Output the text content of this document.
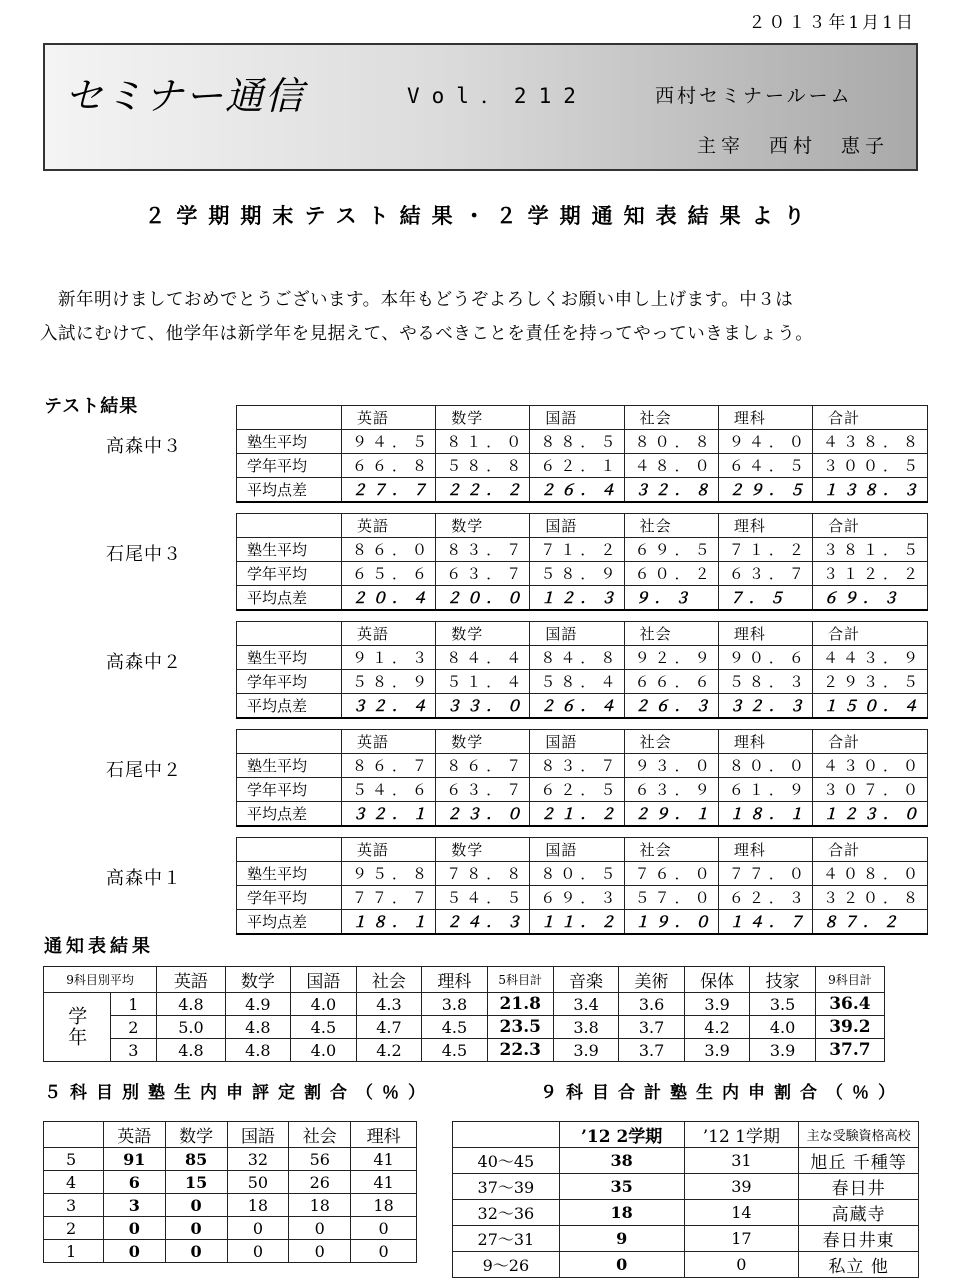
２０１３年1月1日
セミナー通信	Vol．212	西村セミナールーム
主宰　西村　恵子
２学期期末テスト結果・２学期通知表結果より

新年明けましておめでとうございます。本年もどうぞよろしくお願い申し上げます。中３は

入試にむけて、他学年は新学年を見据えて、やるべきことを責任を持ってやっていきましょう。

テスト結果
高森中３
	英語	数学	国語	社会	理科	合計
塾生平均	９４．５	８１．０	８８．５	８０．８	９４．０	４３８．８
学年平均	６６．８	５８．８	６２．１	４８．０	６４．５	３００．５
平均点差	２７．７	２２．２	２６．４	３２．８	２９．５	１３８．３
石尾中３
	英語	数学	国語	社会	理科	合計
塾生平均	８６．０	８３．７	７１．２	６９．５	７１．２	３８１．５
学年平均	６５．６	６３．７	５８．９	６０．２	６３．７	３１２．２
平均点差	２０．４	２０．０	１２．３	９．３	７．５	６９．３
高森中２
	英語	数学	国語	社会	理科	合計
塾生平均	９１．３	８４．４	８４．８	９２．９	９０．６	４４３．９
学年平均	５８．９	５１．４	５８．４	６６．６	５８．３	２９３．５
平均点差	３２．４	３３．０	２６．４	２６．３	３２．３	１５０．４
石尾中２
	英語	数学	国語	社会	理科	合計
塾生平均	８６．７	８６．７	８３．７	９３．０	８０．０	４３０．０
学年平均	５４．６	６３．７	６２．５	６３．９	６１．９	３０７．０
平均点差	３２．１	２３．０	２１．２	２９．１	１８．１	１２３．０
高森中１
	英語	数学	国語	社会	理科	合計
塾生平均	９５．８	７８．８	８０．５	７６．０	７７．０	４０８．０
学年平均	７７．７	５４．５	６９．３	５７．０	６２．３	３２０．８
平均点差	１８．１	２４．３	１１．２	１９．０	１４．７	８７．２
通知表結果
9科目別平均		英語	数学	国語	社会	理科	5科目計	音楽	美術	保体	技家	9科目計
学年	1	4.8	4.9	4.0	4.3	3.8	21.8	3.4	3.6	3.9	3.5	36.4
	2	5.0	4.8	4.5	4.7	4.5	23.5	3.8	3.7	4.2	4.0	39.2
	3	4.8	4.8	4.0	4.2	4.5	22.3	3.9	3.7	3.9	3.9	37.7
５科目別塾生内申評定割合（％）	９科目合計塾生内申割合（％）
	英語	数学	国語	社会	理科
5	91	85	32	56	41
4	6	15	50	26	41
3	3	0	18	18	18
2	0	0	0	0	0
1	0	0	0	0	0
	’12 2学期	’12 1学期	主な受験資格高校
40～45	38	31	旭丘 千種等
37～39	35	39	春日井
32～36	18	14	高蔵寺
27～31	9	17	春日井東
9～26	0	0	私立 他
